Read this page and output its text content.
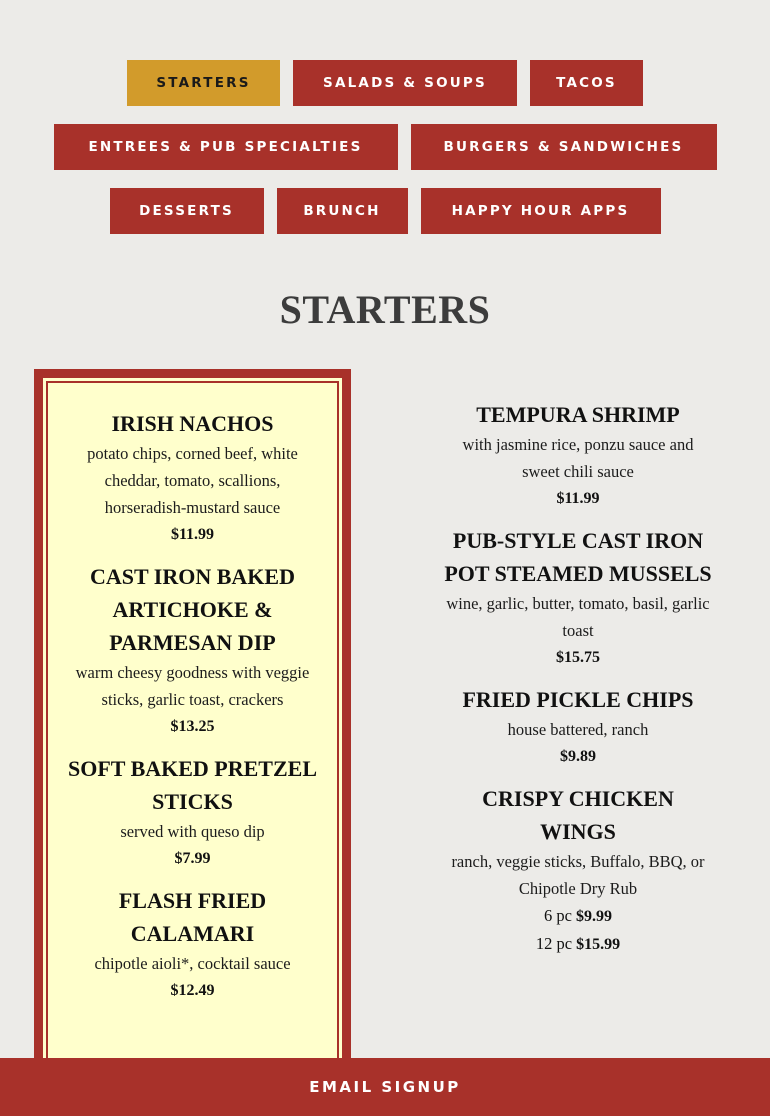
STARTERS	SALADS & SOUPS	TACOS
ENTREES & PUB SPECIALTIES	BURGERS & SANDWICHES
DESSERTS	BRUNCH	HAPPY HOUR APPS
STARTERS
IRISH NACHOS
potato chips, corned beef, white cheddar, tomato, scallions, horseradish-mustard sauce
$11.99
CAST IRON BAKED ARTICHOKE & PARMESAN DIP
warm cheesy goodness with veggie sticks, garlic toast, crackers
$13.25
SOFT BAKED PRETZEL STICKS
served with queso dip
$7.99
FLASH FRIED CALAMARI
chipotle aioli*, cocktail sauce
$12.49
TEMPURA SHRIMP
with jasmine rice, ponzu sauce and sweet chili sauce
$11.99
PUB-STYLE CAST IRON POT STEAMED MUSSELS
wine, garlic, butter, tomato, basil, garlic toast
$15.75
FRIED PICKLE CHIPS
house battered, ranch
$9.89
CRISPY CHICKEN WINGS
ranch, veggie sticks, Buffalo, BBQ, or Chipotle Dry Rub
6 pc $9.99
12 pc $15.99
EMAIL SIGNUP
